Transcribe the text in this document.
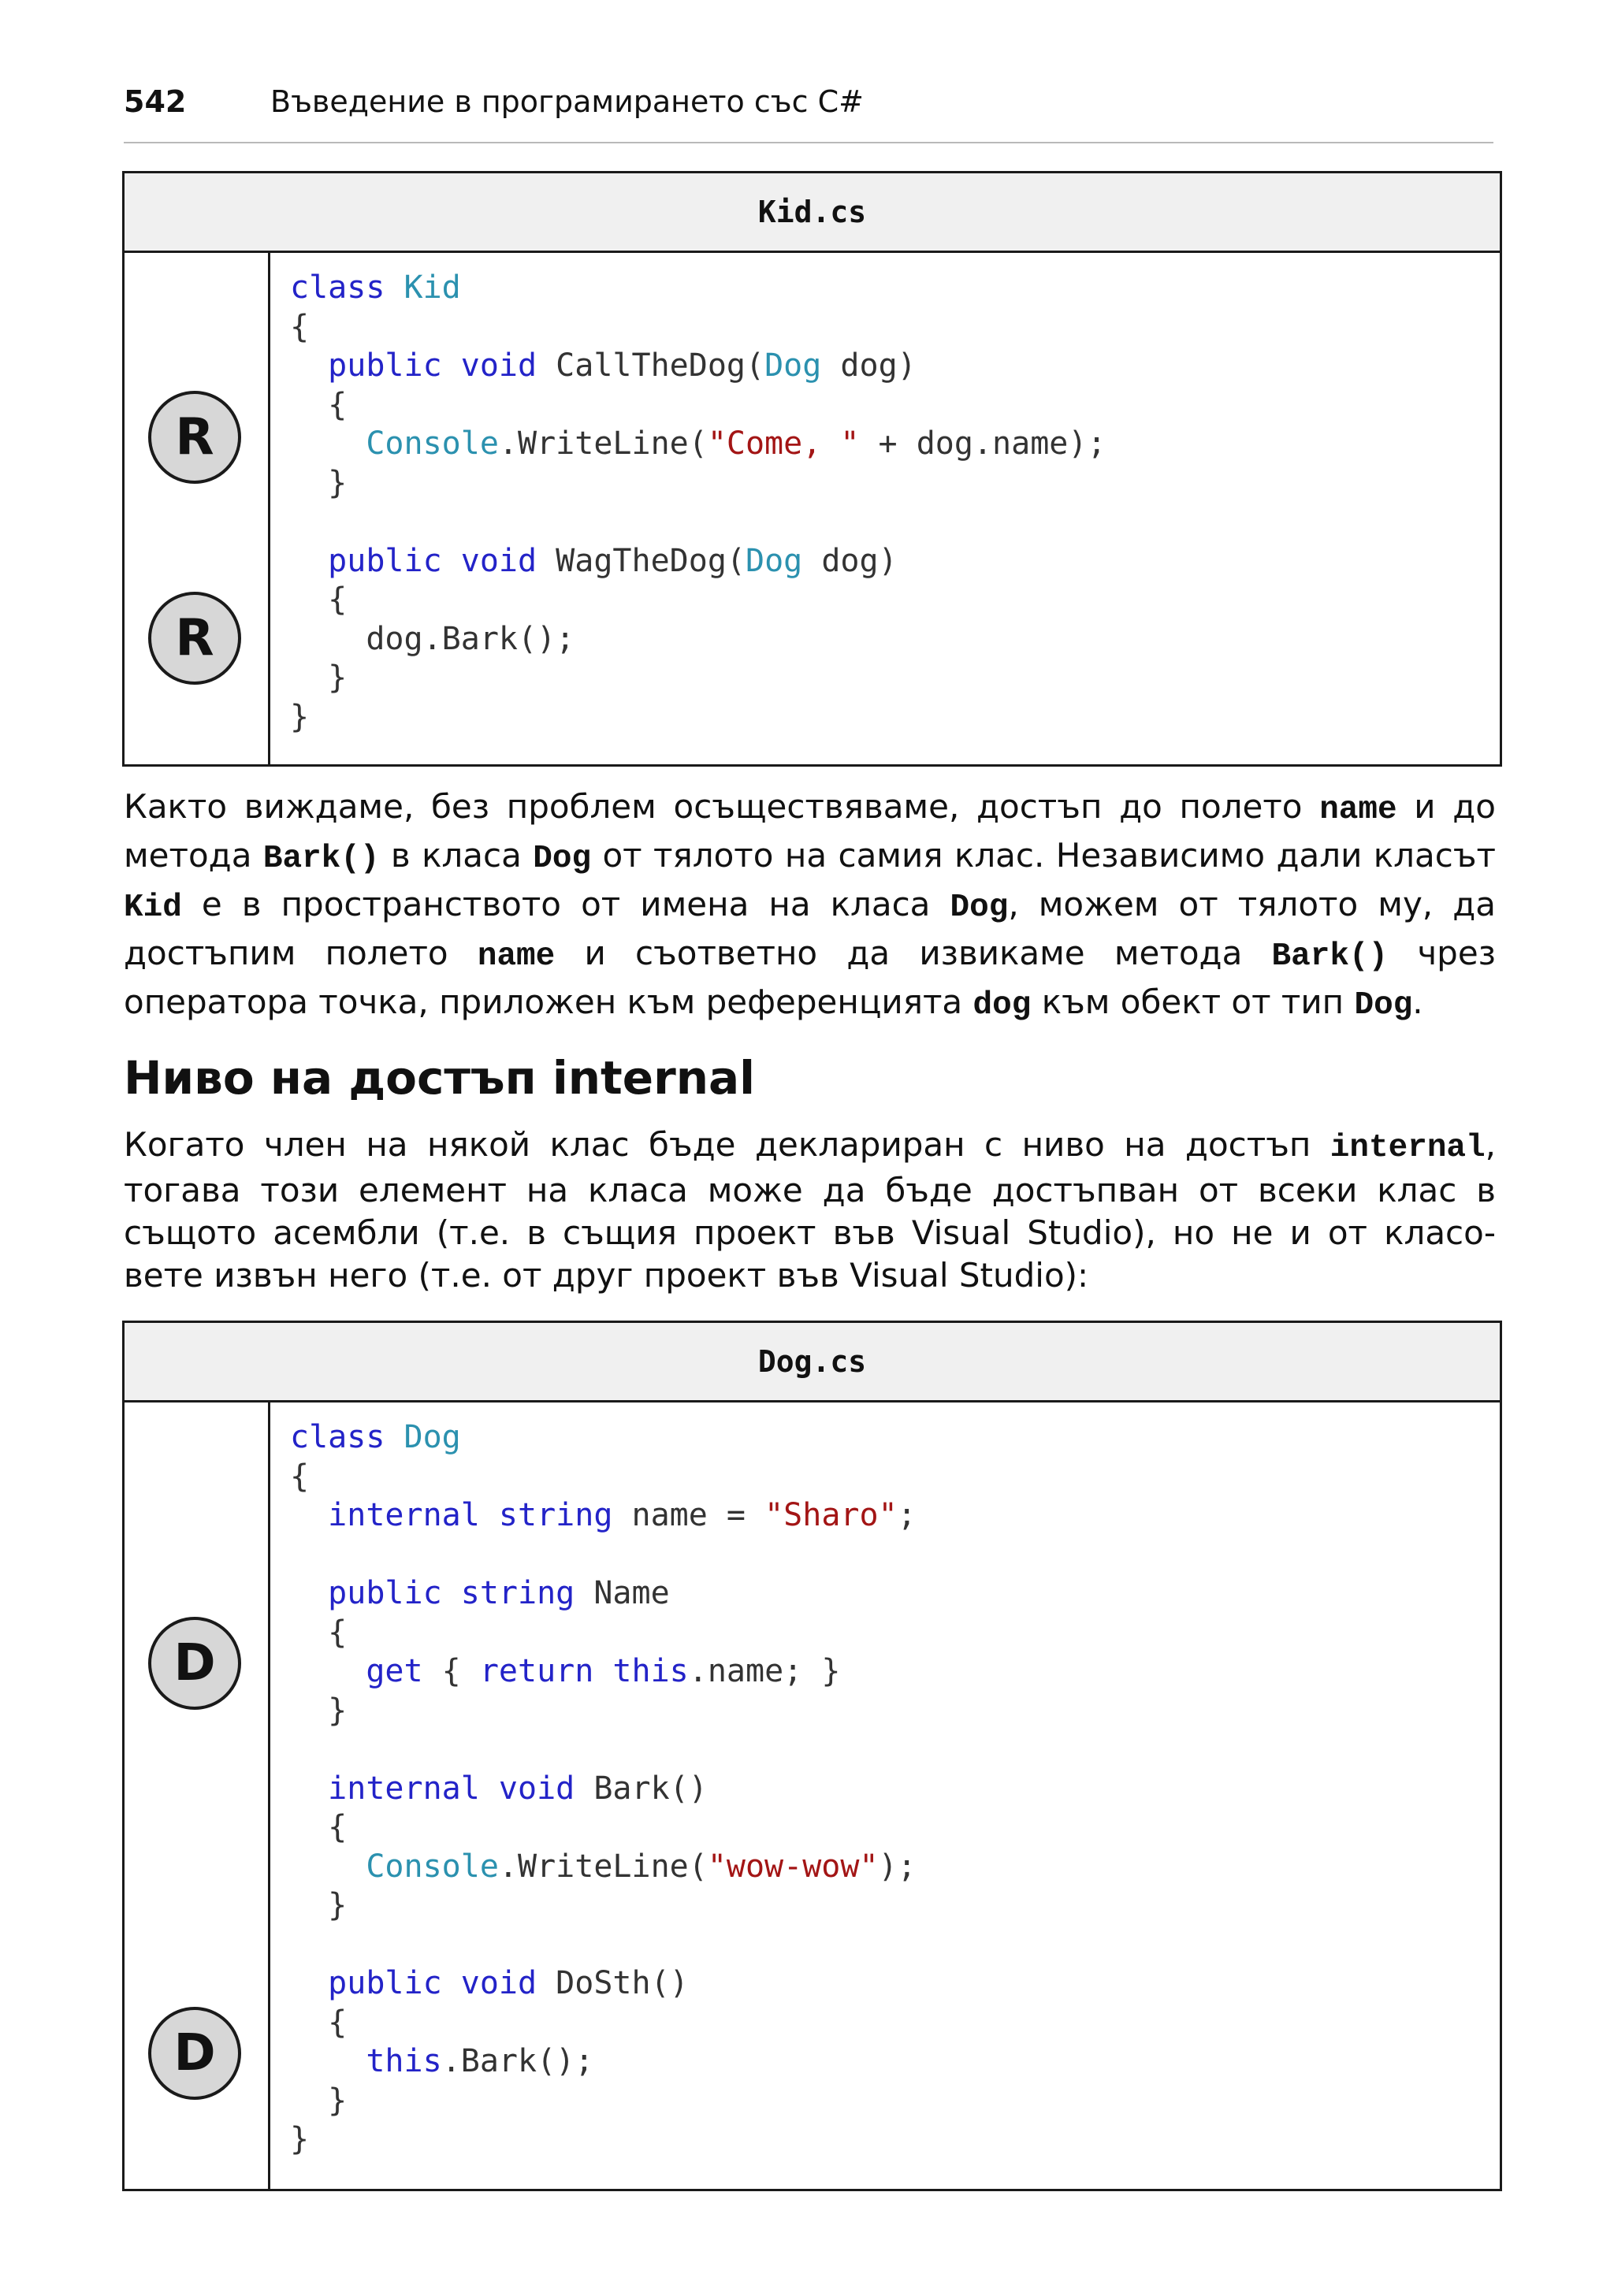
542	Въведение в програмирането със C#
Kid.cs
R
R
class Kid
{
public void CallTheDog(Dog dog)
{
Console.WriteLine("Come, " + dog.name);
}

public void WagTheDog(Dog dog)
{
dog.Bark();
}
}

Както виждаме, без проблем осъществяваме, достъп до полето name и до метода Bark() в класа Dog от тялото на самия клас. Независимо дали класът Kid е в пространството от имена на класа Dog, можем от тялото му, да достъпим полето name и съответно да извикаме метода Bark() чрез оператора точка, приложен към референцията dog към обект от тип Dog.

Ниво на достъп internal

Когато член на някой клас бъде деклариран с ниво на достъп internal, тогава този елемент на класа може да бъде достъпван от всеки клас в същото асембли (т.е. в същия проект във Visual Studio), но не и от класо-вете извън него (т.е. от друг проект във Visual Studio):

Dog.cs
D
D
class Dog
{
internal string name = "Sharo";

public string Name
{
get { return this.name; }
}

internal void Bark()
{
Console.WriteLine("wow-wow");
}

public void DoSth()
{
this.Bark();
}
}
